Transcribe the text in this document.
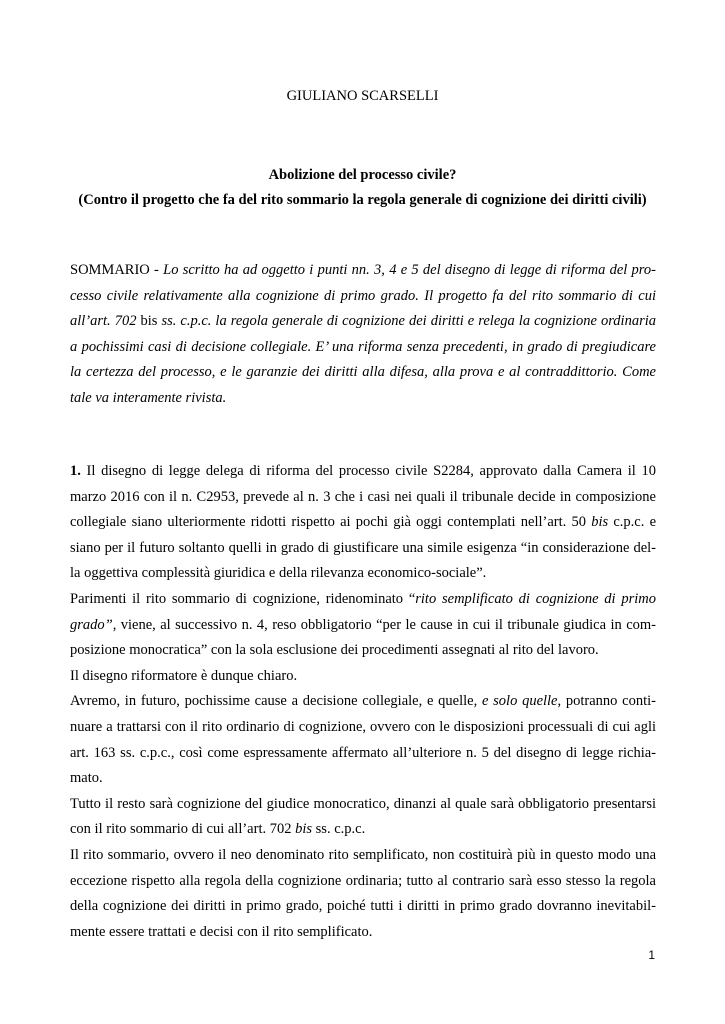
GIULIANO SCARSELLI
Abolizione del processo civile?
(Contro il progetto che fa del rito sommario la regola generale di cognizione dei diritti civili)
SOMMARIO - Lo scritto ha ad oggetto i punti nn. 3, 4 e 5 del disegno di legge di riforma del pro-
cesso civile relativamente alla cognizione di primo grado. Il progetto fa del rito sommario di cui
all’art. 702 bis ss. c.p.c. la regola generale di cognizione dei diritti e relega la cognizione ordinaria
a pochissimi casi di decisione collegiale. E’ una riforma senza precedenti, in grado di pregiudicare
la certezza del processo, e le garanzie dei diritti alla difesa, alla prova e al contraddittorio. Come
tale va interamente rivista.
1. Il disegno di legge delega di riforma del processo civile S2284, approvato dalla Camera il 10
marzo 2016 con il n. C2953, prevede al n. 3 che i casi nei quali il tribunale decide in composizione
collegiale siano ulteriormente ridotti rispetto ai pochi già oggi contemplati nell’art. 50 bis c.p.c. e
siano per il futuro soltanto quelli in grado di giustificare una simile esigenza “in considerazione del-
la oggettiva complessità giuridica e della rilevanza economico-sociale”.
Parimenti il rito sommario di cognizione, ridenominato “rito semplificato di cognizione di primo
grado”, viene, al successivo n. 4, reso obbligatorio “per le cause in cui il tribunale giudica in com-
posizione monocratica” con la sola esclusione dei procedimenti assegnati al rito del lavoro.
Il disegno riformatore è dunque chiaro.
Avremo, in futuro, pochissime cause a decisione collegiale, e quelle, e solo quelle, potranno conti-
nuare a trattarsi con il rito ordinario di cognizione, ovvero con le disposizioni processuali di cui agli
art. 163 ss. c.p.c., così come espressamente affermato all’ulteriore n. 5 del disegno di legge richia-
mato.
Tutto il resto sarà cognizione del giudice monocratico, dinanzi al quale sarà obbligatorio presentarsi
con il rito sommario di cui all’art. 702 bis ss. c.p.c.
Il rito sommario, ovvero il neo denominato rito semplificato, non costituirà più in questo modo una
eccezione rispetto alla regola della cognizione ordinaria; tutto al contrario sarà esso stesso la regola
della cognizione dei diritti in primo grado, poiché tutti i diritti in primo grado dovranno inevitabil-
mente essere trattati e decisi con il rito semplificato.
1
